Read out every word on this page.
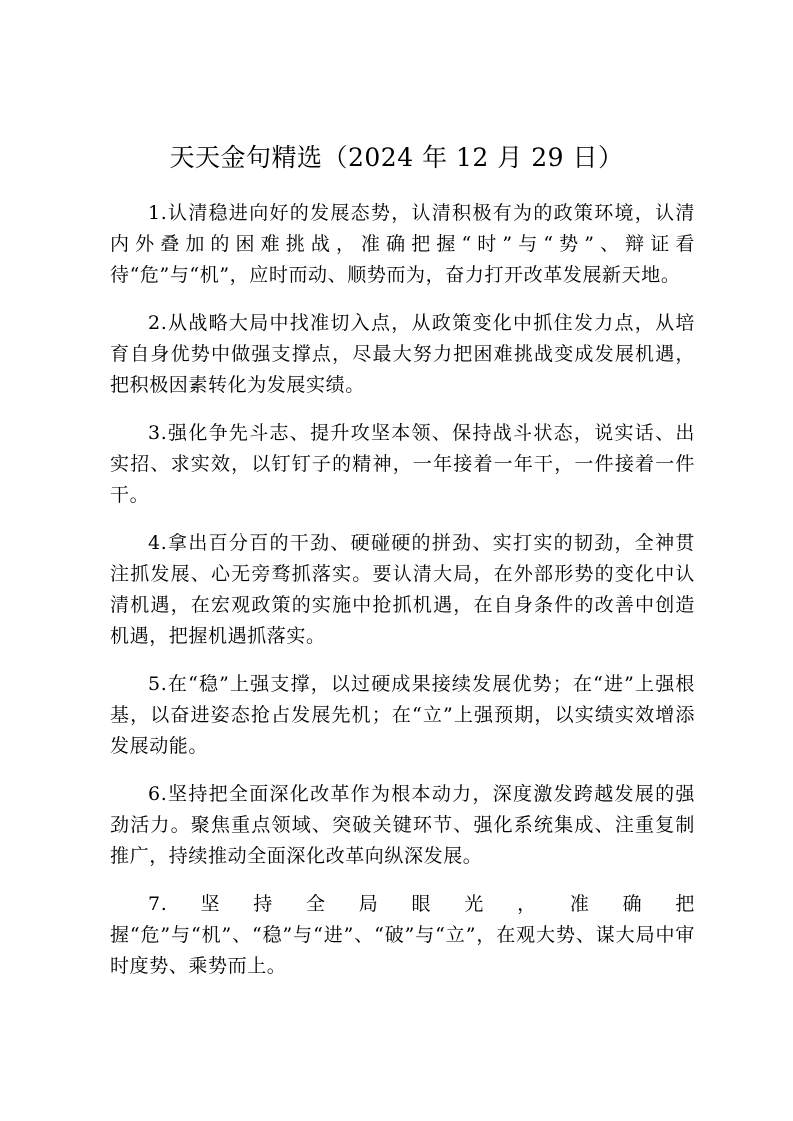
天天金句精选（2024 年 12 月 29 日）

1.认清稳进向好的发展态势，认清积极有为的政策环境，认清内外叠加的困难挑战，准确把握“时”与“势”、辩证看待“危”与“机”，应时而动、顺势而为，奋力打开改革发展新天地。

2.从战略大局中找准切入点，从政策变化中抓住发力点，从培育自身优势中做强支撑点，尽最大努力把困难挑战变成发展机遇，把积极因素转化为发展实绩。

3.强化争先斗志、提升攻坚本领、保持战斗状态，说实话、出实招、求实效，以钉钉子的精神，一年接着一年干，一件接着一件干。

4.拿出百分百的干劲、硬碰硬的拼劲、实打实的韧劲，全神贯注抓发展、心无旁骛抓落实。要认清大局，在外部形势的变化中认清机遇，在宏观政策的实施中抢抓机遇，在自身条件的改善中创造机遇，把握机遇抓落实。

5.在“稳”上强支撑，以过硬成果接续发展优势；在“进”上强根基，以奋进姿态抢占发展先机；在“立”上强预期，以实绩实效增添发展动能。

6.坚持把全面深化改革作为根本动力，深度激发跨越发展的强劲活力。聚焦重点领域、突破关键环节、强化系统集成、注重复制推广，持续推动全面深化改革向纵深发展。

7.坚持全局眼光，准确把握“危”与“机”、“稳”与“进”、“破”与“立”，在观大势、谋大局中审时度势、乘势而上。
